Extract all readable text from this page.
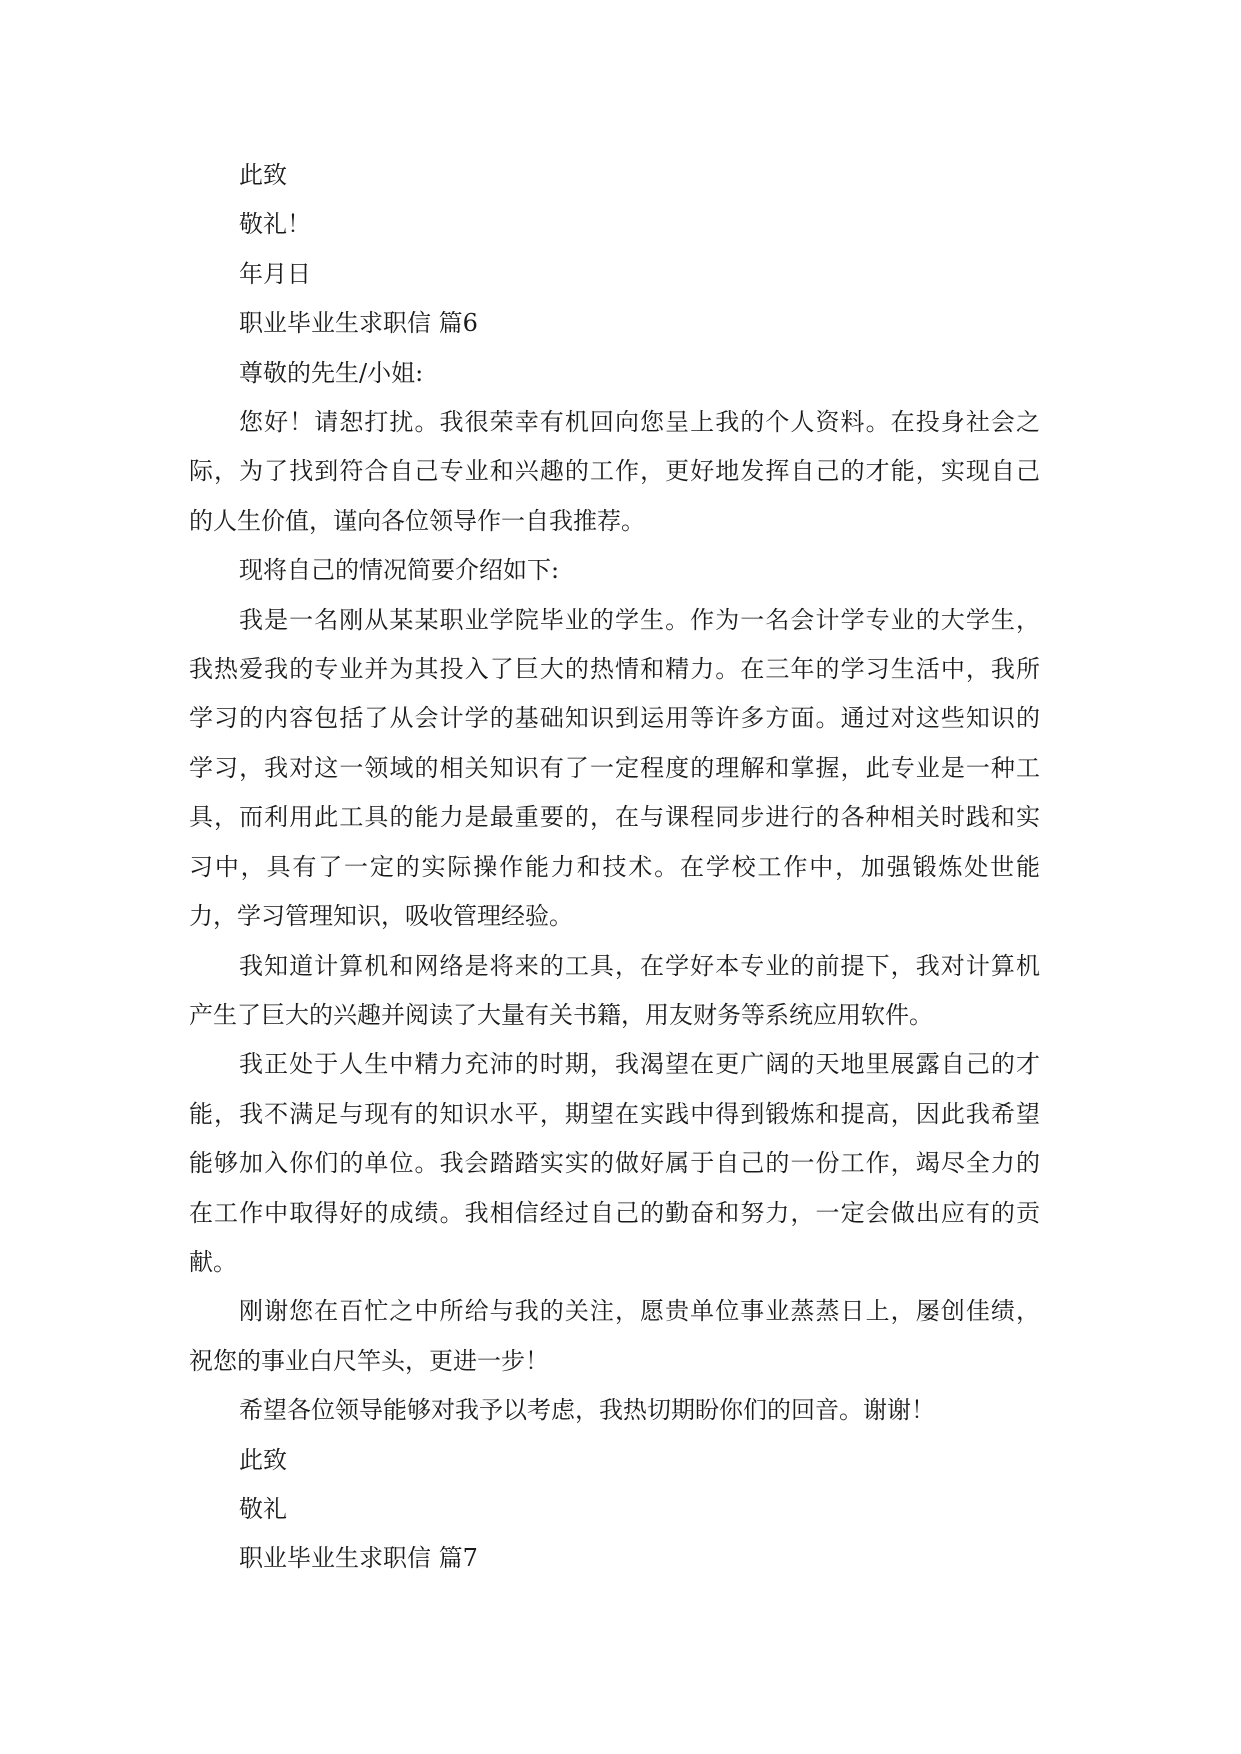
此致
敬礼！
年月日
职业毕业生求职信 篇6
尊敬的先生/小姐:
您好！请恕打扰。我很荣幸有机回向您呈上我的个人资料。在投身社会之
际，为了找到符合自己专业和兴趣的工作，更好地发挥自己的才能，实现自己
的人生价值，谨向各位领导作一自我推荐。
现将自己的情况简要介绍如下:
我是一名刚从某某职业学院毕业的学生。作为一名会计学专业的大学生，
我热爱我的专业并为其投入了巨大的热情和精力。在三年的学习生活中，我所
学习的内容包括了从会计学的基础知识到运用等许多方面。通过对这些知识的
学习，我对这一领域的相关知识有了一定程度的理解和掌握，此专业是一种工
具，而利用此工具的能力是最重要的，在与课程同步进行的各种相关时践和实
习中，具有了一定的实际操作能力和技术。在学校工作中，加强锻炼处世能
力，学习管理知识，吸收管理经验。
我知道计算机和网络是将来的工具，在学好本专业的前提下，我对计算机
产生了巨大的兴趣并阅读了大量有关书籍，用友财务等系统应用软件。
我正处于人生中精力充沛的时期，我渴望在更广阔的天地里展露自己的才
能，我不满足与现有的知识水平，期望在实践中得到锻炼和提高，因此我希望
能够加入你们的单位。我会踏踏实实的做好属于自己的一份工作，竭尽全力的
在工作中取得好的成绩。我相信经过自己的勤奋和努力，一定会做出应有的贡
献。
刚谢您在百忙之中所给与我的关注，愿贵单位事业蒸蒸日上，屡创佳绩，
祝您的事业白尺竿头，更进一步！
希望各位领导能够对我予以考虑，我热切期盼你们的回音。谢谢！
此致
敬礼
职业毕业生求职信 篇7
